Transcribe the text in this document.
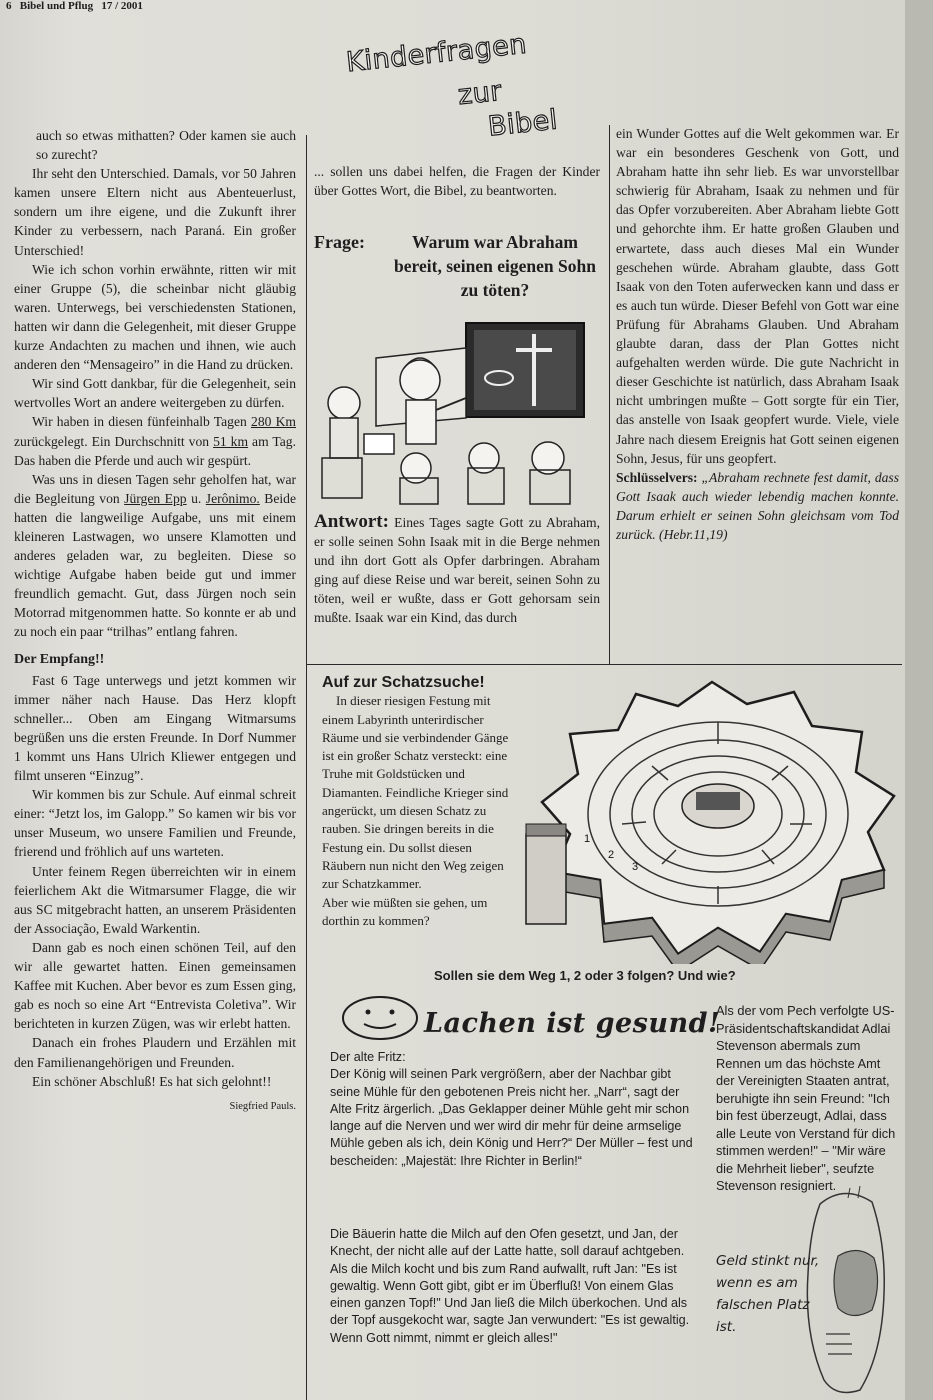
6 Bibel und Pflug 17 / 2001
Kinderfragen
zur
Bibel

auch so etwas mithatten? Oder kamen sie auch so zurecht?

Ihr seht den Unterschied. Damals, vor 50 Jahren kamen unsere Eltern nicht aus Abenteuerlust, sondern um ihre eigene, und die Zukunft ihrer Kinder zu verbessern, nach Paraná. Ein großer Unterschied!

Wie ich schon vorhin erwähnte, ritten wir mit einer Gruppe (5), die scheinbar nicht gläubig waren. Unterwegs, bei verschiedensten Stationen, hatten wir dann die Gelegenheit, mit dieser Gruppe kurze Andachten zu machen und ihnen, wie auch anderen den “Mensageiro” in die Hand zu drücken.

Wir sind Gott dankbar, für die Gelegenheit, sein wertvolles Wort an andere weitergeben zu dürfen.

Wir haben in diesen fünfeinhalb Tagen 280 Km zurückgelegt. Ein Durchschnitt von 51 km am Tag. Das haben die Pferde und auch wir gespürt.

Was uns in diesen Tagen sehr geholfen hat, war die Begleitung von Jürgen Epp u. Jerônimo. Beide hatten die langweilige Aufgabe, uns mit einem kleineren Lastwagen, wo unsere Klamotten und anderes geladen war, zu begleiten. Diese so wichtige Aufgabe haben beide gut und immer freundlich gemacht. Gut, dass Jürgen noch sein Motorrad mitgenommen hatte. So konnte er ab und zu noch ein paar “trilhas” entlang fahren.

Der Empfang!!

Fast 6 Tage unterwegs und jetzt kommen wir immer näher nach Hause. Das Herz klopft schneller... Oben am Eingang Witmarsums begrüßen uns die ersten Freunde. In Dorf Nummer 1 kommt uns Hans Ulrich Kliewer entgegen und filmt unseren “Einzug”.

Wir kommen bis zur Schule. Auf einmal schreit einer: “Jetzt los, im Galopp.” So kamen wir bis vor unser Museum, wo unsere Familien und Freunde, frierend und fröhlich auf uns warteten.

Unter feinem Regen überreichten wir in einem feierlichem Akt die Witmarsumer Flagge, die wir aus SC mitgebracht hatten, an unserem Präsidenten der Associação, Ewald Warkentin.

Dann gab es noch einen schönen Teil, auf den wir alle gewartet hatten. Einen gemeinsamen Kaffee mit Kuchen. Aber bevor es zum Essen ging, gab es noch so eine Art “Entrevista Coletiva”. Wir berichteten in kurzen Zügen, was wir erlebt hatten.

Danach ein frohes Plaudern und Erzählen mit den Familienangehörigen und Freunden.

Ein schöner Abschluß! Es hat sich gelohnt!!

Siegfried Pauls.

... sollen uns dabei helfen, die Fragen der Kinder über Gottes Wort, die Bibel, zu beantworten.

Frage:	Warum war Abraham bereit, seinen eigenen Sohn zu töten?
Antwort: Eines Tages sagte Gott zu Abraham, er solle seinen Sohn Isaak mit in die Berge nehmen und ihn dort Gott als Opfer darbringen. Abraham ging auf diese Reise und war bereit, seinen Sohn zu töten, weil er wußte, dass er Gott gehorsam sein mußte. Isaak war ein Kind, das durch

ein Wunder Gottes auf die Welt gekommen war. Er war ein besonderes Geschenk von Gott, und Abraham hatte ihn sehr lieb. Es war unvorstellbar schwierig für Abraham, Isaak zu nehmen und für das Opfer vorzubereiten. Aber Abraham liebte Gott und gehorchte ihm. Er hatte großen Glauben und erwartete, dass auch dieses Mal ein Wunder geschehen würde. Abraham glaubte, dass Gott Isaak von den Toten auferwecken kann und dass er es auch tun würde. Dieser Befehl von Gott war eine Prüfung für Abrahams Glauben. Und Abraham glaubte daran, dass der Plan Gottes nicht aufgehalten werden würde. Die gute Nachricht in dieser Geschichte ist natürlich, dass Abraham Isaak nicht umbringen mußte – Gott sorgte für ein Tier, das anstelle von Isaak geopfert wurde. Viele, viele Jahre nach diesem Ereignis hat Gott seinen eigenen Sohn, Jesus, für uns geopfert.

Schlüsselvers: „Abraham rechnete fest damit, dass Gott Isaak auch wieder lebendig machen konnte. Darum erhielt er seinen Sohn gleichsam vom Tod zurück. (Hebr.11,19)

Auf zur Schatzsuche!

In dieser riesigen Festung mit einem Labyrinth unterirdischer Räume und sie verbindender Gänge ist ein großer Schatz versteckt: eine Truhe mit Goldstücken und Diamanten. Feindliche Krieger sind angerückt, um diesen Schatz zu rauben. Sie dringen bereits in die Festung ein. Du sollst diesen Räubern nun nicht den Weg zeigen zur Schatzkammer.

Aber wie müßten sie gehen, um dorthin zu kommen?

1
2
3
Sollen sie dem Weg 1, 2 oder 3 folgen? Und wie?
Lachen ist gesund!
Der alte Fritz:
Der König will seinen Park vergrößern, aber der Nachbar gibt seine Mühle für den gebotenen Preis nicht her. „Narr“, sagt der Alte Fritz ärgerlich. „Das Geklapper deiner Mühle geht mir schon lange auf die Nerven und wer wird dir mehr für deine armselige Mühle geben als ich, dein König und Herr?“ Der Müller – fest und bescheiden: „Majestät: Ihre Richter in Berlin!“
Als der vom Pech verfolgte US-Präsidentschaftskandidat Adlai Stevenson abermals zum Rennen um das höchste Amt der Vereinigten Staaten antrat, beruhigte ihn sein Freund: "Ich bin fest überzeugt, Adlai, dass alle Leute von Verstand für dich stimmen werden!" – "Mir wäre die Mehrheit lieber", seufzte Stevenson resigniert.
Die Bäuerin hatte die Milch auf den Ofen gesetzt, und Jan, der Knecht, der nicht alle auf der Latte hatte, soll darauf achtgeben. Als die Milch kocht und bis zum Rand aufwallt, ruft Jan: "Es ist gewaltig. Wenn Gott gibt, gibt er im Überfluß! Von einem Glas einen ganzen Topf!" Und Jan ließ die Milch überkochen. Und als der Topf ausgekocht war, sagte Jan verwundert: "Es ist gewaltig. Wenn Gott nimmt, nimmt er gleich alles!"
Geld stinkt nur, wenn es am falschen Platz ist.
